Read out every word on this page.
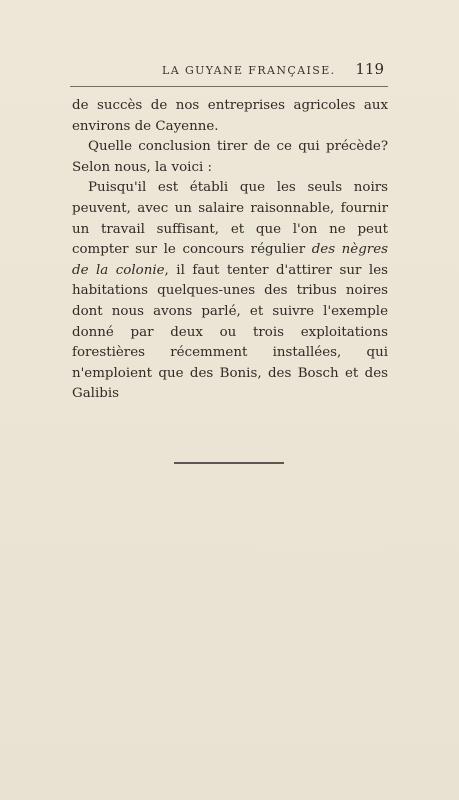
LA GUYANE FRANÇAISE. 119

de succès de nos entreprises agricoles aux environs de Cayenne.

Quelle conclusion tirer de ce qui précède? Selon nous, la voici :

Puisqu'il est établi que les seuls noirs peuvent, avec un salaire raisonnable, fournir un travail suffisant, et que l'on ne peut compter sur le concours régulier des nègres de la colonie, il faut tenter d'attirer sur les habitations quelques-unes des tribus noires dont nous avons parlé, et suivre l'exemple donné par deux ou trois exploitations forestières récemment installées, qui n'emploient que des Bonis, des Bosch et des Galibis
